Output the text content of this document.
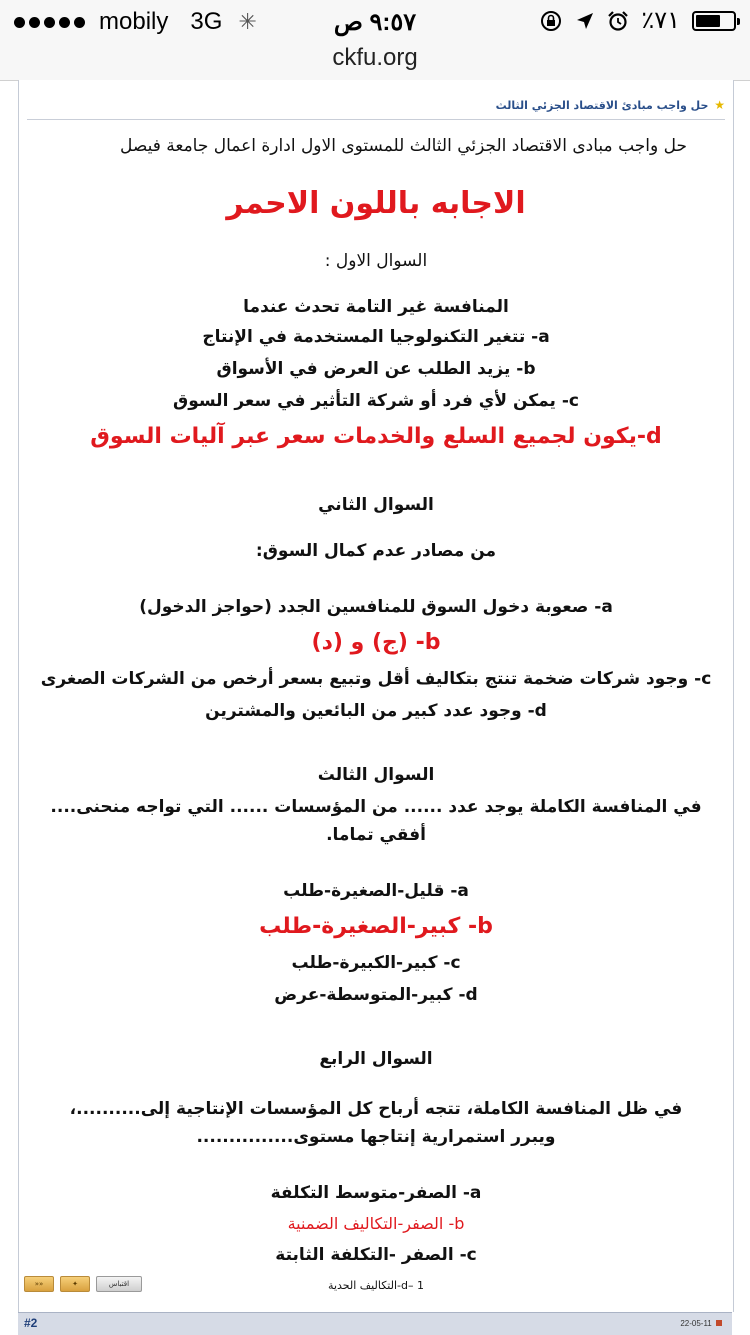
mobily 3G ✳	٩:٥٧ ص	٪٧١
ckfu.org
★ حل واجب مبادئ الاقتصاد الجزئي الثالث
حل واجب مبادى الاقتصاد الجزئي الثالث للمستوى الاول ادارة اعمال جامعة فيصل
الاجابه باللون الاحمر
السوال الاول :
المنافسة غير التامة تحدث عندما
a- تتغير التكنولوجيا المستخدمة في الإنتاج
b- يزيد الطلب عن العرض في الأسواق
c- يمكن لأي فرد أو شركة التأثير في سعر السوق
d-يكون لجميع السلع والخدمات سعر عبر آليات السوق
السوال الثاني
من مصادر عدم كمال السوق:
a- صعوبة دخول السوق للمنافسين الجدد (حواجز الدخول)
b- (ج) و (د)
c- وجود شركات ضخمة تنتج بتكاليف أقل وتبيع بسعر أرخص من الشركات الصغرى
d- وجود عدد كبير من البائعين والمشترين
السوال الثالث
في المنافسة الكاملة يوجد عدد ...... من المؤسسات ...... التي تواجه منحنى.... أفقي تماما.
a- قليل-الصغيرة-طلب
b- كبير-الصغيرة-طلب
c- كبير-الكبيرة-طلب
d- كبير-المتوسطة-عرض
السوال الرابع
في ظل المنافسة الكاملة، تتجه أرباح كل المؤسسات الإنتاجية إلى..........، ويبرر استمرارية إنتاجها مستوى...............
a- الصفر-متوسط التكلفة
b- الصفر-التكاليف الضمنية
c- الصفر -التكلفة الثابتة
1 –d-التكاليف الحدية
»»	✦	اقتباس
#2	22-05-11
